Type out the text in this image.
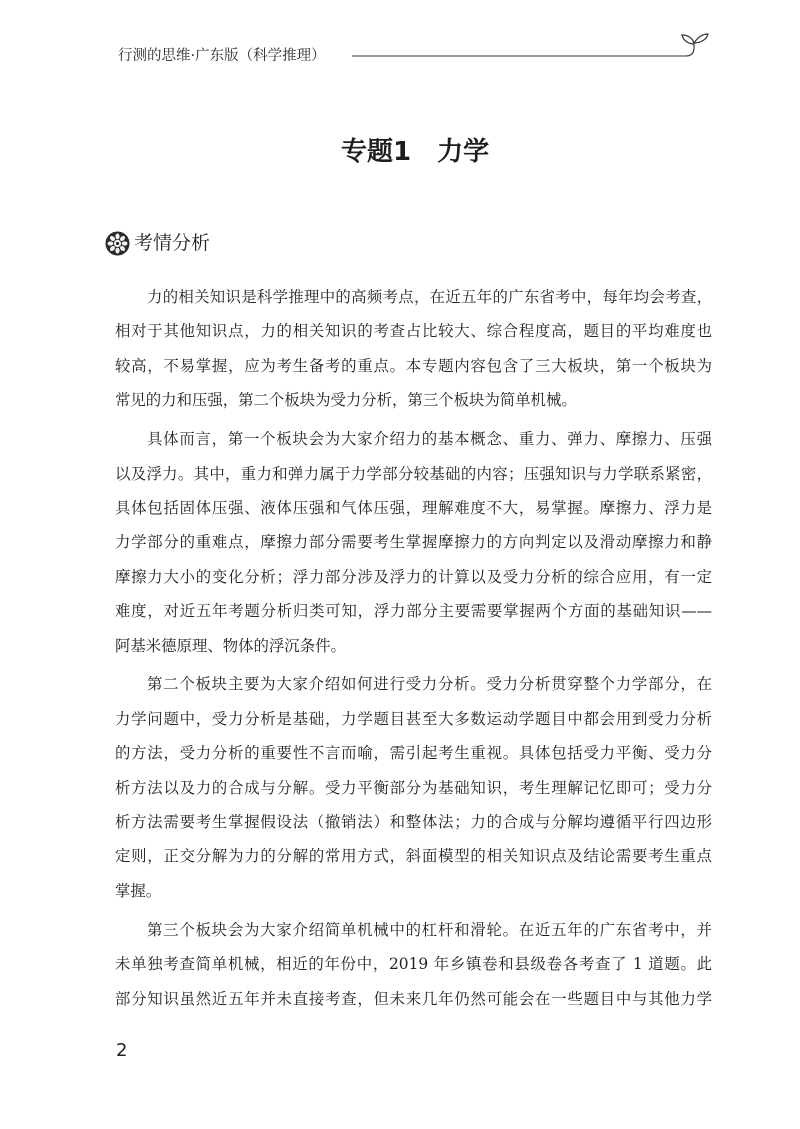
行测的思维·广东版（科学推理）
专题1 力学
考情分析
力的相关知识是科学推理中的高频考点，在近五年的广东省考中，每年均会考查，
相对于其他知识点，力的相关知识的考查占比较大、综合程度高，题目的平均难度也
较高，不易掌握，应为考生备考的重点。本专题内容包含了三大板块，第一个板块为
常见的力和压强，第二个板块为受力分析，第三个板块为简单机械。
具体而言，第一个板块会为大家介绍力的基本概念、重力、弹力、摩擦力、压强
以及浮力。其中，重力和弹力属于力学部分较基础的内容；压强知识与力学联系紧密，
具体包括固体压强、液体压强和气体压强，理解难度不大，易掌握。摩擦力、浮力是
力学部分的重难点，摩擦力部分需要考生掌握摩擦力的方向判定以及滑动摩擦力和静
摩擦力大小的变化分析；浮力部分涉及浮力的计算以及受力分析的综合应用，有一定
难度，对近五年考题分析归类可知，浮力部分主要需要掌握两个方面的基础知识——
阿基米德原理、物体的浮沉条件。
第二个板块主要为大家介绍如何进行受力分析。受力分析贯穿整个力学部分，在
力学问题中，受力分析是基础，力学题目甚至大多数运动学题目中都会用到受力分析
的方法，受力分析的重要性不言而喻，需引起考生重视。具体包括受力平衡、受力分
析方法以及力的合成与分解。受力平衡部分为基础知识，考生理解记忆即可；受力分
析方法需要考生掌握假设法（撤销法）和整体法；力的合成与分解均遵循平行四边形
定则，正交分解为力的分解的常用方式，斜面模型的相关知识点及结论需要考生重点
掌握。
第三个板块会为大家介绍简单机械中的杠杆和滑轮。在近五年的广东省考中，并
未单独考查简单机械，相近的年份中，2019 年乡镇卷和县级卷各考查了 1 道题。此
部分知识虽然近五年并未直接考查，但未来几年仍然可能会在一些题目中与其他力学
2
